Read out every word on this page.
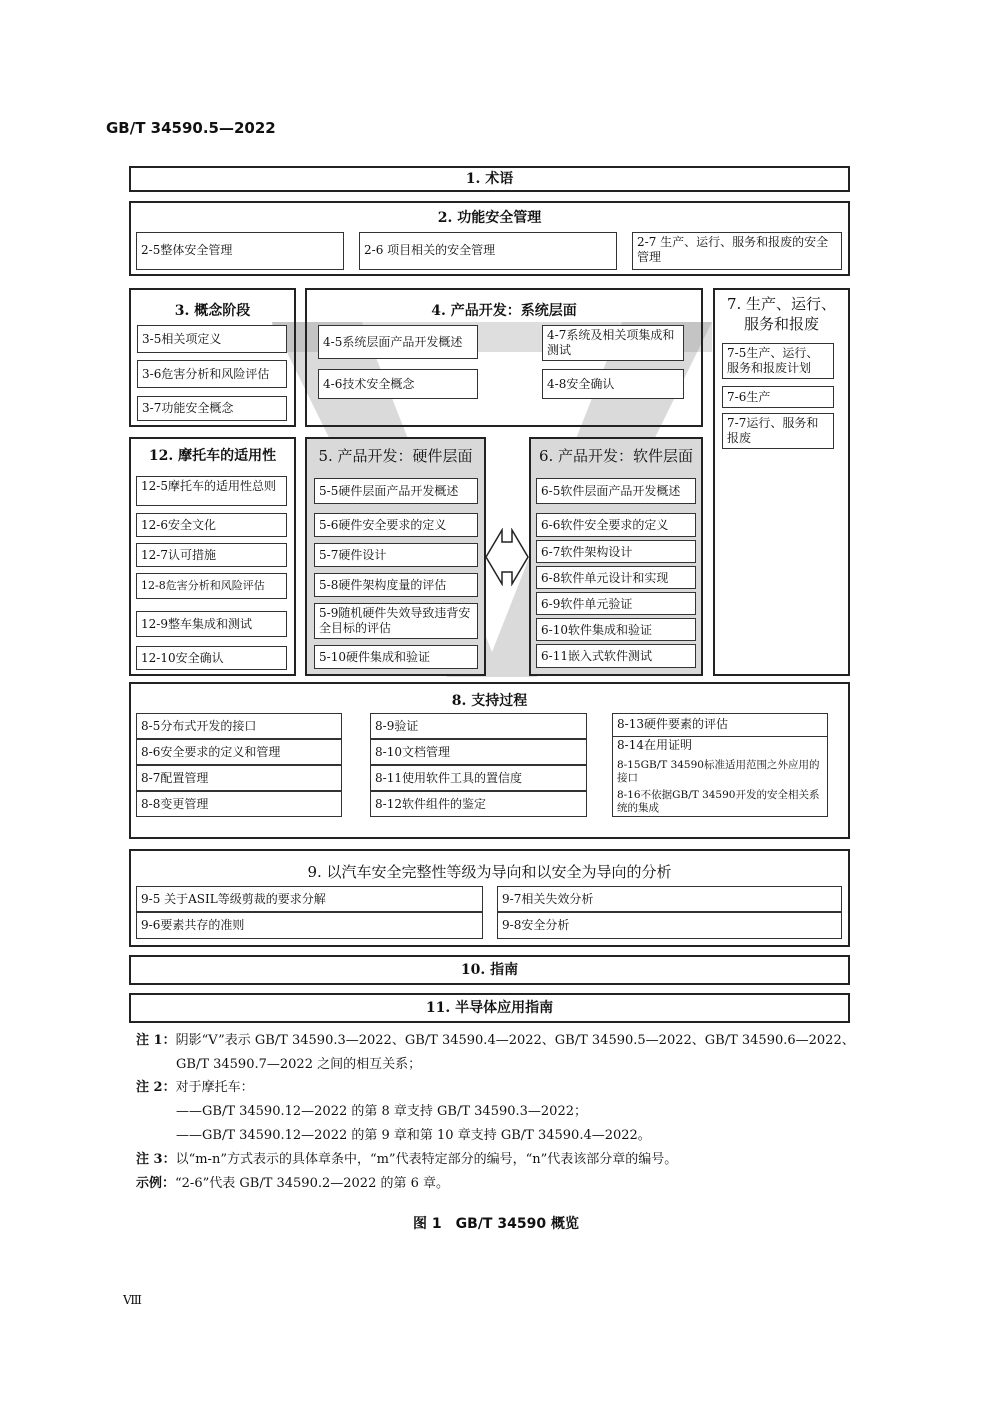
GB/T 34590.5—2022
1. 术语
2. 功能安全管理
2-5整体安全管理	2-6 项目相关的安全管理
2-7 生产、运行、服务和报废的安全管理
3. 概念阶段
3-5相关项定义
3-6危害分析和风险评估
3-7功能安全概念
4. 产品开发：系统层面
4-5系统层面产品开发概述
4-6技术安全概念
4-7系统及相关项集成和测试
4-8安全确认
7. 生产、运行、服务和报废
7-5生产、运行、服务和报废计划
7-6生产
7-7运行、服务和报废
12. 摩托车的适用性
12-5摩托车的适用性总则
12-6安全文化
12-7认可措施
12-8危害分析和风险评估
12-9整车集成和测试
12-10安全确认
5. 产品开发：硬件层面
5-5硬件层面产品开发概述
5-6硬件安全要求的定义
5-7硬件设计
5-8硬件架构度量的评估
5-9随机硬件失效导致违背安全目标的评估
5-10硬件集成和验证
6. 产品开发：软件层面
6-5软件层面产品开发概述
6-6软件安全要求的定义
6-7软件架构设计
6-8软件单元设计和实现
6-9软件单元验证
6-10软件集成和验证
6-11嵌入式软件测试
8. 支持过程
8-5分布式开发的接口
8-6安全要求的定义和管理
8-7配置管理
8-8变更管理
8-9验证
8-10文档管理
8-11使用软件工具的置信度
8-12软件组件的鉴定
8-13硬件要素的评估
8-14在用证明
8-15GB/T 34590标准适用范围之外应用的接口
8-16不依据GB/T 34590开发的安全相关系统的集成
9. 以汽车安全完整性等级为导向和以安全为导向的分析
9-5 关于ASIL等级剪裁的要求分解	9-7相关失效分析
9-6要素共存的准则	9-8安全分析
10. 指南
11. 半导体应用指南
注 1：阴影“V”表示 GB/T 34590.3—2022、GB/T 34590.4—2022、GB/T 34590.5—2022、GB/T 34590.6—2022、
GB/T 34590.7—2022 之间的相互关系；
注 2：对于摩托车：
——GB/T 34590.12—2022 的第 8 章支持 GB/T 34590.3—2022；
——GB/T 34590.12—2022 的第 9 章和第 10 章支持 GB/T 34590.4—2022。
注 3：以“m-n”方式表示的具体章条中，“m”代表特定部分的编号，“n”代表该部分章的编号。
示例：“2-6”代表 GB/T 34590.2—2022 的第 6 章。
图 1　GB/T 34590 概览
Ⅷ
